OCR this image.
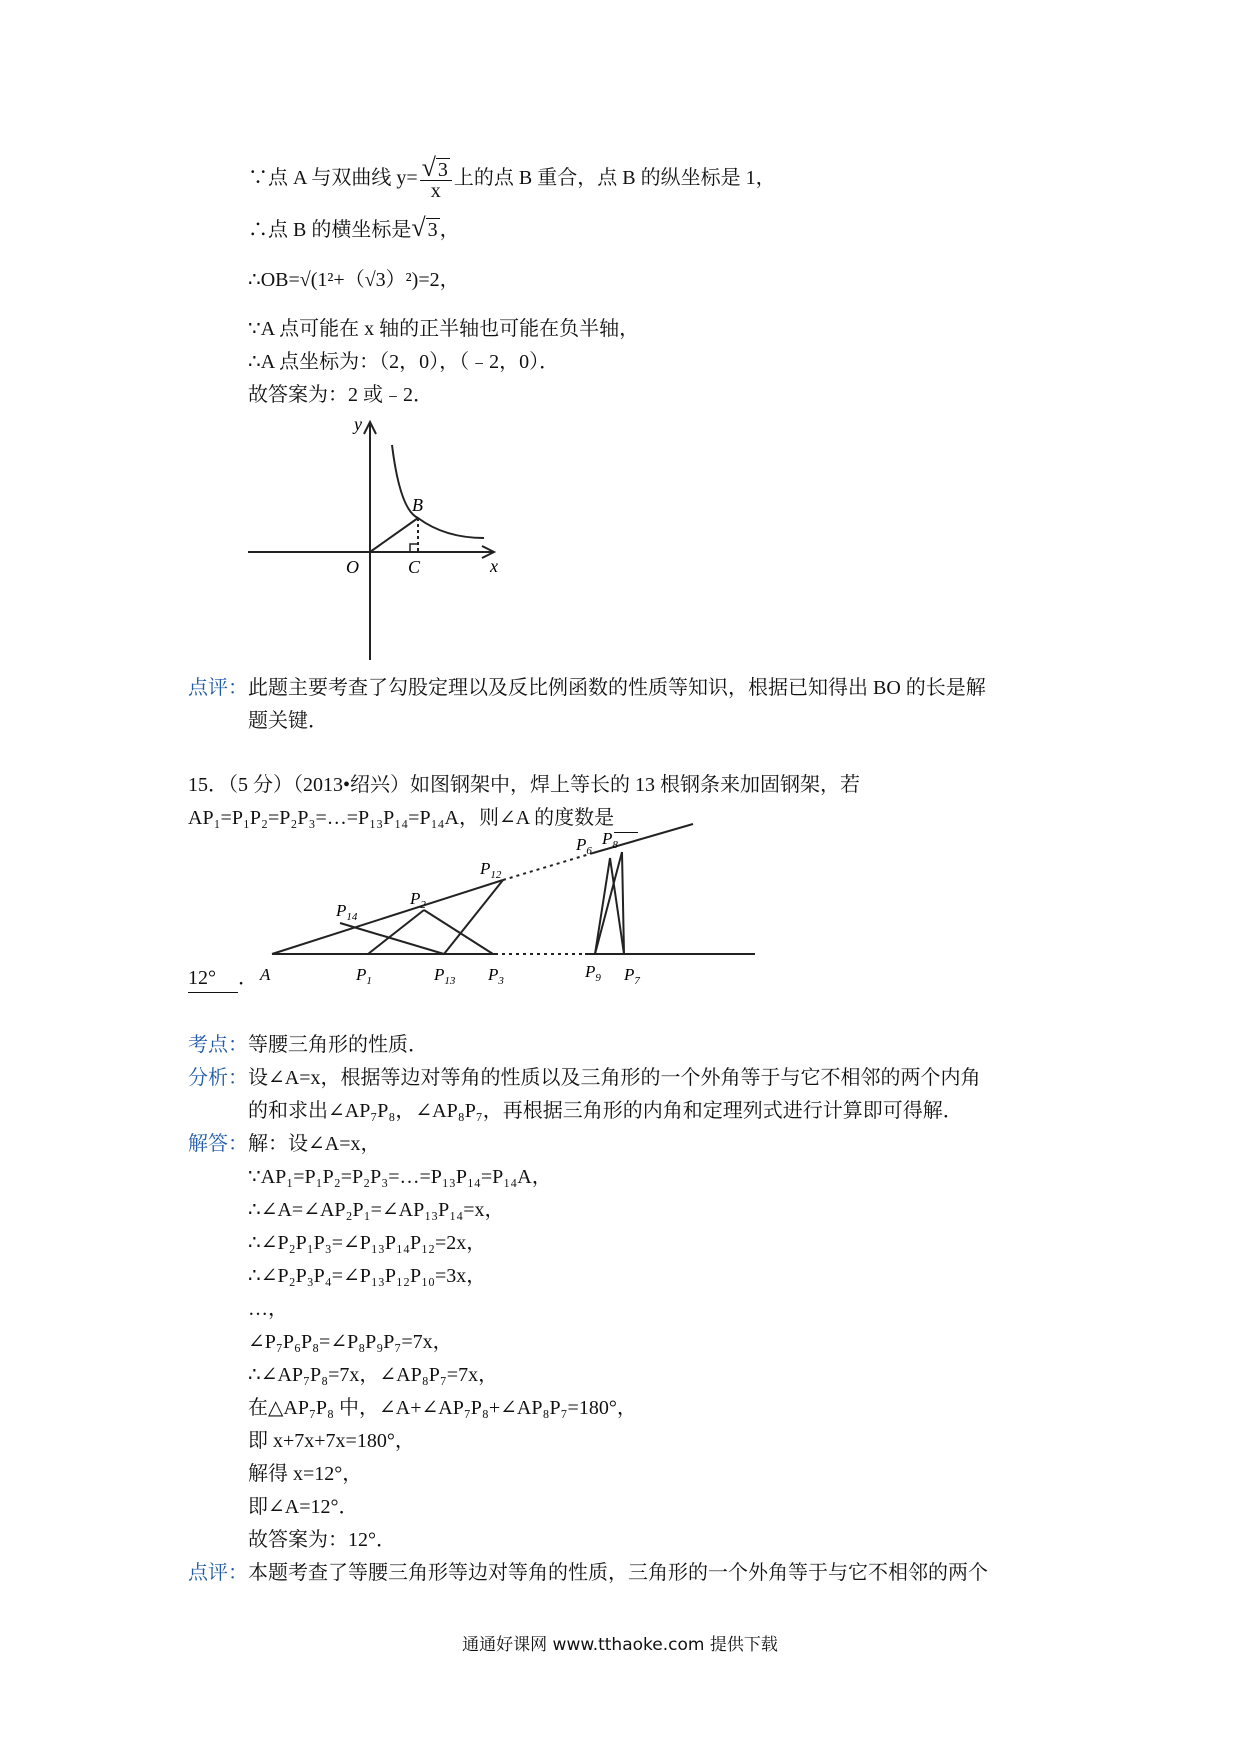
∵点 A 与双曲线 $y= \frac{√ 3}{x}$ 上的点 B 重合，点 B 的纵坐标是 1，
∴点 B 的横坐标是√ 3 ，
∴OB=√(1²+（√3）²)=2，
∵A 点可能在 x 轴的正半轴也可能在负半轴，
∴A 点坐标为：（2，0），（﹣2，0）．
故答案为：2 或﹣2．
y
x
O
B
C
点评：此题主要考查了勾股定理以及反比例函数的性质等知识，根据已知得出 BO 的长是解
题关键．
15．（5 分）（2013•绍兴）如图钢架中，焊上等长的 13 根钢条来加固钢架，若
AP₁=P₁P₂=P₂P₃=…=P₁₃P₁₄=P₁₄A，则∠A 的度数是
A	$P_1$	$P_{13}$ $P_3$	$P_9$ $P_7$
$P_{14}$
$P_2$
$P_{12}$
$P_6$
$P_8$
12° ．
考点：等腰三角形的性质．
分析：设∠A=x，根据等边对等角的性质以及三角形的一个外角等于与它不相邻的两个内角
的和求出∠AP₇P₈，∠AP₈P₇，再根据三角形的内角和定理列式进行计算即可得解．
解答：解：设∠A=x，
∵AP₁=P₁P₂=P₂P₃=…=P₁₃P₁₄=P₁₄A，
∴∠A=∠AP₂P₁=∠AP₁₃P₁₄=x，
∴∠P₂P₁P₃=∠P₁₃P₁₄P₁₂=2x，
∴∠P₂P₃P₄=∠P₁₃P₁₂P₁₀=3x，
…，
∠P₇P₆P₈=∠P₈P₉P₇=7x，
∴∠AP₇P₈=7x，∠AP₈P₇=7x，
在△AP₇P₈ 中，∠A+∠AP₇P₈+∠AP₈P₇=180°，
即 x+7x+7x=180°，
解得 x=12°，
即∠A=12°．
故答案为：12°．
点评：本题考查了等腰三角形等边对等角的性质，三角形的一个外角等于与它不相邻的两个
通通好课网 www.tthaoke.com 提供下载
